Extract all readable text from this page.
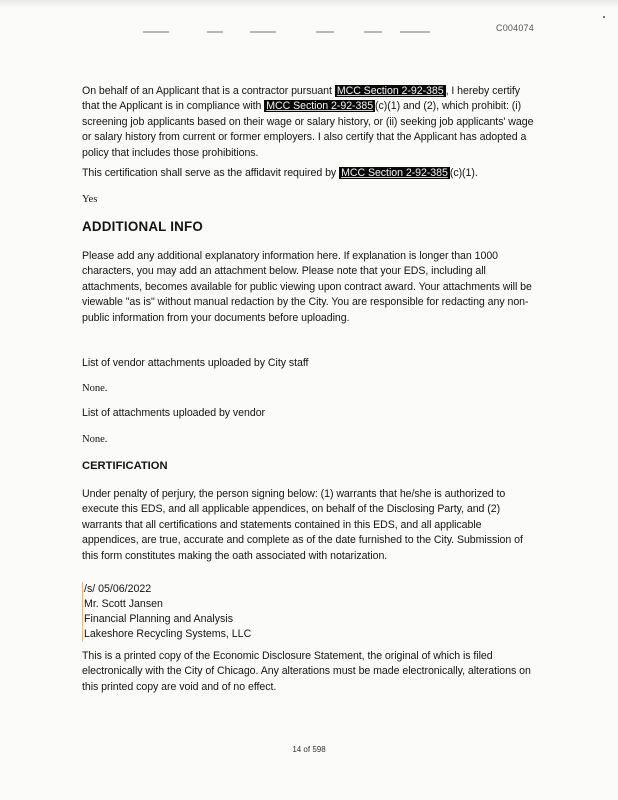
C004074

On behalf of an Applicant that is a contractor pursuant MCC Section 2-92-385 , I hereby certify that the Applicant is in compliance with MCC Section 2-92-385 (c)(1) and (2), which prohibit: (i) screening job applicants based on their wage or salary history, or (ii) seeking job applicants' wage or salary history from current or former employers. I also certify that the Applicant has adopted a policy that includes those prohibitions.

This certification shall serve as the affidavit required by MCC Section 2-92-385 (c)(1).

Yes
ADDITIONAL INFO

Please add any additional explanatory information here. If explanation is longer than 1000 characters, you may add an attachment below. Please note that your EDS, including all attachments, becomes available for public viewing upon contract award. Your attachments will be viewable "as is" without manual redaction by the City. You are responsible for redacting any non-public information from your documents before uploading.

List of vendor attachments uploaded by City staff
None.
List of attachments uploaded by vendor
None.
CERTIFICATION

Under penalty of perjury, the person signing below: (1) warrants that he/she is authorized to execute this EDS, and all applicable appendices, on behalf of the Disclosing Party, and (2) warrants that all certifications and statements contained in this EDS, and all applicable appendices, are true, accurate and complete as of the date furnished to the City. Submission of this form constitutes making the oath associated with notarization.

/s/ 05/06/2022
Mr. Scott Jansen
Financial Planning and Analysis
Lakeshore Recycling Systems, LLC

This is a printed copy of the Economic Disclosure Statement, the original of which is filed electronically with the City of Chicago. Any alterations must be made electronically, alterations on this printed copy are void and of no effect.

14 of 598
